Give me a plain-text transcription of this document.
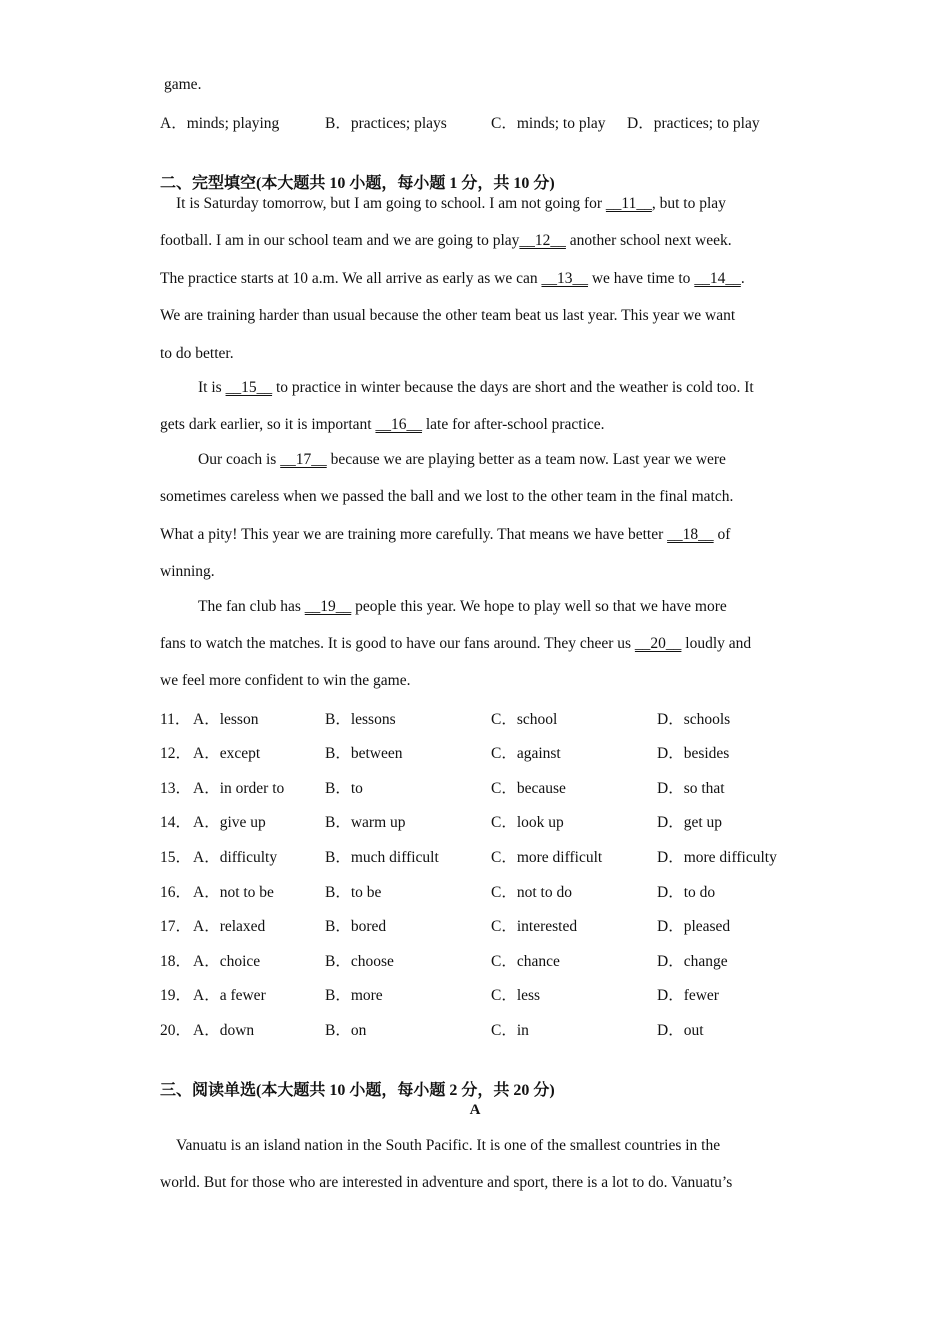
game.
A．minds; playing	B．practices; plays	C．minds; to play D．practices; to play
二、完型填空(本大题共 10 小题，每小题 1 分，共 10 分)
It is Saturday tomorrow, but I am going to school. I am not going for __11__, but to play
football. I am in our school team and we are going to play__12__ another school next week.
The practice starts at 10 a.m. We all arrive as early as we can __13__ we have time to __14__.
We are training harder than usual because the other team beat us last year. This year we want
to do better.
It is __15__ to practice in winter because the days are short and the weather is cold too. It
gets dark earlier, so it is important __16__ late for after-school practice.
Our coach is __17__ because we are playing better as a team now. Last year we were
sometimes careless when we passed the ball and we lost to the other team in the final match.
What a pity! This year we are training more carefully. That means we have better __18__ of
winning.
The fan club has __19__ people this year. We hope to play well so that we have more
fans to watch the matches. It is good to have our fans around. They cheer us __20__ loudly and
we feel more confident to win the game.
11． A．lesson	B．lessons	C．school	D．schools
12． A．except	B．between	C．against	D．besides
13． A．in order to	B．to	C．because	D．so that
14． A．give up	B．warm up	C．look up	D．get up
15． A．difficulty	B．much difficult	C．more difficult	D．more difficulty
16． A．not to be	B．to be	C．not to do	D．to do
17． A．relaxed	B．bored	C．interested	D．pleased
18． A．choice	B．choose	C．chance	D．change
19． A．a fewer	B．more	C．less	D．fewer
20． A．down	B．on	C．in	D．out
三、阅读单选(本大题共 10 小题，每小题 2 分，共 20 分)
A
Vanuatu is an island nation in the South Pacific. It is one of the smallest countries in the
world. But for those who are interested in adventure and sport, there is a lot to do. Vanuatu’s
